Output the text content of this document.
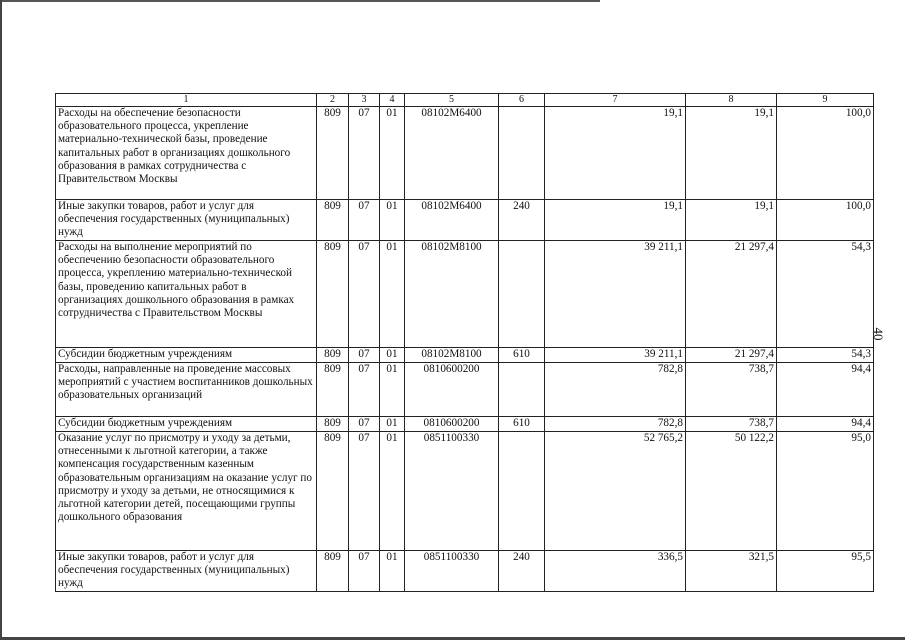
40
1	2	3	4	5	6	7	8	9
Расходы на обеспечение безопасности образовательного процесса, укрепление материально-технической базы, проведение капитальных работ в организациях дошкольного образования в рамках сотрудничества с Правительством Москвы	809	07	01	08102М6400		19,1	19,1	100,0
Иные закупки товаров, работ и услуг для обеспечения государственных (муниципальных) нужд	809	07	01	08102М6400	240	19,1	19,1	100,0
Расходы на выполнение мероприятий по обеспечению безопасности образовательного процесса, укреплению материально-технической базы, проведению капитальных работ в организациях дошкольного образования в рамках сотрудничества с Правительством Москвы	809	07	01	08102М8100		39 211,1	21 297,4	54,3
Субсидии бюджетным учреждениям	809	07	01	08102М8100	610	39 211,1	21 297,4	54,3
Расходы, направленные на проведение массовых мероприятий с участием воспитанников дошкольных образовательных организаций	809	07	01	0810600200		782,8	738,7	94,4
Субсидии бюджетным учреждениям	809	07	01	0810600200	610	782,8	738,7	94,4
Оказание услуг по присмотру и уходу за детьми, отнесенными к льготной категории, а также компенсация государственным казенным образовательным организациям на оказание услуг по присмотру и уходу за детьми, не относящимися к льготной категории детей, посещающими группы дошкольного образования	809	07	01	0851100330		52 765,2	50 122,2	95,0
Иные закупки товаров, работ и услуг для обеспечения государственных (муниципальных) нужд	809	07	01	0851100330	240	336,5	321,5	95,5
